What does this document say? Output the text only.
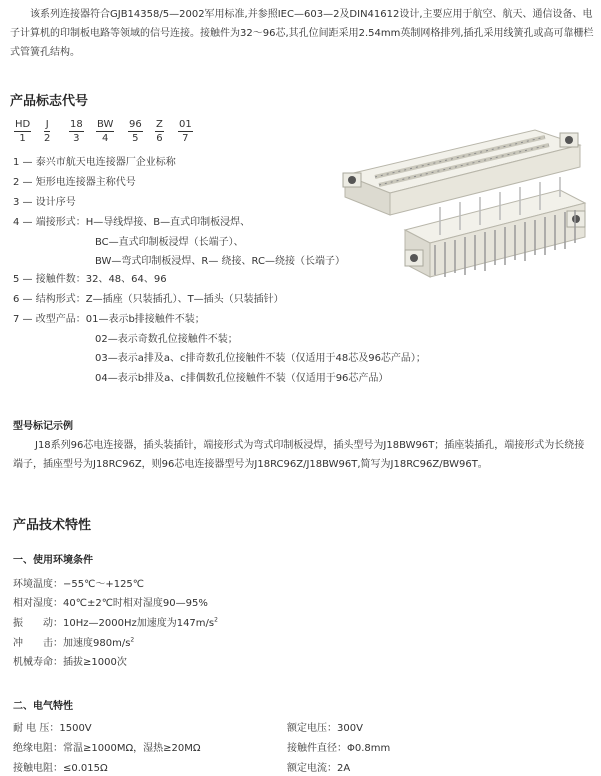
该系列连接器符合GJB14358/5—2002军用标准,并参照IEC—603—2及DIN41612设计,主要应用于航空、航天、通信设备、电子计算机的印制板电路等领域的信号连接。接触件为32～96芯,其孔位间距采用2.54mm英制网格排列,插孔采用线簧孔或高可靠栅栏式管簧孔结构。
产品标志代号
HD
1
J
2
18
3
BW
4
96
5
Z
6
01
7
1 — 泰兴市航天电连接器厂企业标称
2 — 矩形电连接器主称代号
3 — 设计序号
4 — 端接形式：H—导线焊接、B—直式印制板浸焊、
BC—直式印制板浸焊（长端子）、
BW—弯式印制板浸焊、R— 绕接、RC—绕接（长端子）
5 — 接触件数：32、48、64、96
6 — 结构形式：Z—插座（只装插孔）、T—插头（只装插针）
7 — 改型产品：01—表示b排接触件不装；
02—表示奇数孔位接触件不装；
03—表示a排及a、c排奇数孔位接触件不装（仅适用于48芯及96芯产品）；
04—表示b排及a、c排偶数孔位接触件不装（仅适用于96芯产品）
型号标记示例
J18系列96芯电连接器，插头装插针，端接形式为弯式印制板浸焊，插头型号为J18BW96T；插座装插孔，端接形式为长绕接端子，插座型号为J18RC96Z，则96芯电连接器型号为J18RC96Z/J18BW96T,简写为J18RC96Z/BW96T。
产品技术特性
一、使用环境条件
环境温度：−55℃～+125℃
相对湿度：40℃±2℃时相对湿度90—95%
振　　动：10Hz—2000Hz加速度为$147m/s^2$
冲　　击：加速度$980m/s^2$
机械寿命：插拔≥1000次
二、电气特性
耐 电 压：1500V
绝缘电阻：常温≥1000MΩ，湿热≥20MΩ
接触电阻：≤0.015Ω
额定电压：300V
接触件直径：Φ0.8mm
额定电流：2A
